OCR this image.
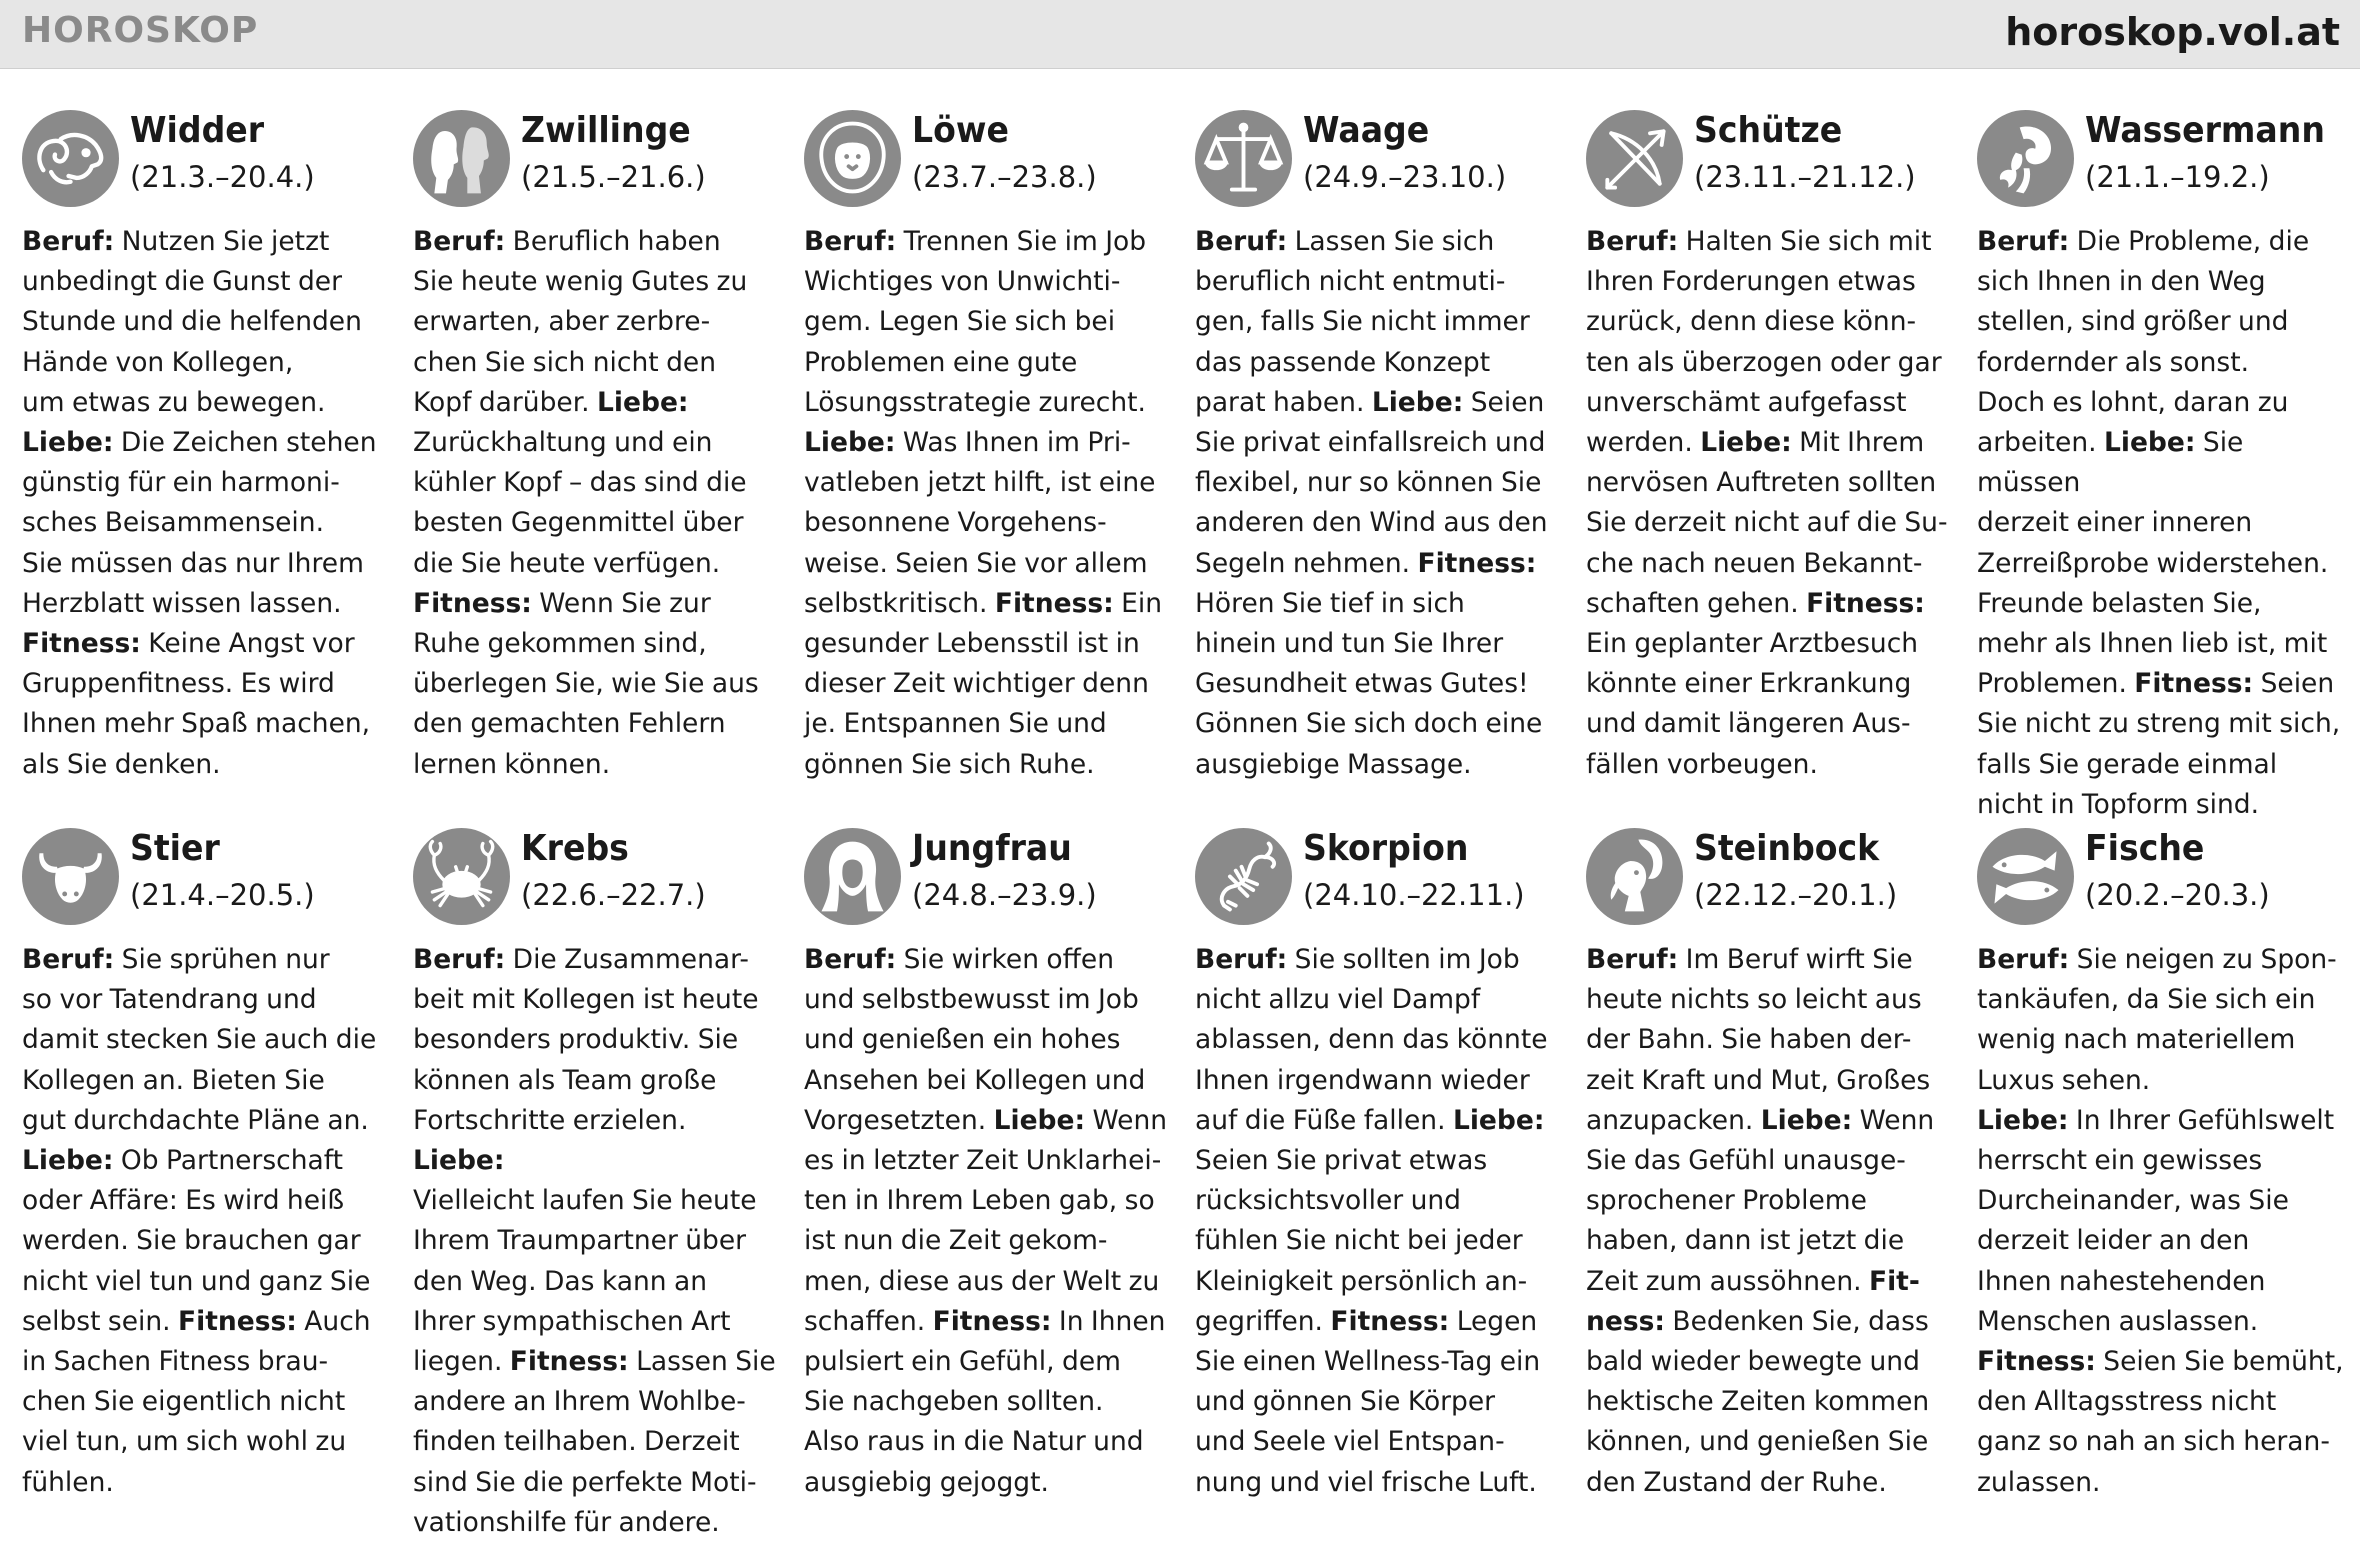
HOROSKOP	horoskop.vol.at
Widder
(21.3.–20.4.)
Beruf: Nutzen Sie jetzt
unbedingt die Gunst der
Stunde und die helfenden
Hände von Kollegen,
um etwas zu bewegen.
Liebe: Die Zeichen stehen
günstig für ein harmoni-
sches Beisammensein.
Sie müssen das nur Ihrem
Herzblatt wissen lassen.
Fitness: Keine Angst vor
Gruppenfitness. Es wird
Ihnen mehr Spaß machen,
als Sie denken.
Zwillinge
(21.5.–21.6.)
Beruf: Beruflich haben
Sie heute wenig Gutes zu
erwarten, aber zerbre-
chen Sie sich nicht den
Kopf darüber. Liebe:
Zurückhaltung und ein
kühler Kopf – das sind die
besten Gegenmittel über
die Sie heute verfügen.
Fitness: Wenn Sie zur
Ruhe gekommen sind,
überlegen Sie, wie Sie aus
den gemachten Fehlern
lernen können.
Löwe
(23.7.–23.8.)
Beruf: Trennen Sie im Job
Wichtiges von Unwichti-
gem. Legen Sie sich bei
Problemen eine gute
Lösungsstrategie zurecht.
Liebe: Was Ihnen im Pri-
vatleben jetzt hilft, ist eine
besonnene Vorgehens-
weise. Seien Sie vor allem
selbstkritisch. Fitness: Ein
gesunder Lebensstil ist in
dieser Zeit wichtiger denn
je. Entspannen Sie und
gönnen Sie sich Ruhe.
Waage
(24.9.–23.10.)
Beruf: Lassen Sie sich
beruflich nicht entmuti-
gen, falls Sie nicht immer
das passende Konzept
parat haben. Liebe: Seien
Sie privat einfallsreich und
flexibel, nur so können Sie
anderen den Wind aus den
Segeln nehmen. Fitness:
Hören Sie tief in sich
hinein und tun Sie Ihrer
Gesundheit etwas Gutes!
Gönnen Sie sich doch eine
ausgiebige Massage.
Schütze
(23.11.–21.12.)
Beruf: Halten Sie sich mit
Ihren Forderungen etwas
zurück, denn diese könn-
ten als überzogen oder gar
unverschämt aufgefasst
werden. Liebe: Mit Ihrem
nervösen Auftreten sollten
Sie derzeit nicht auf die Su-
che nach neuen Bekannt-
schaften gehen. Fitness:
Ein geplanter Arztbesuch
könnte einer Erkrankung
und damit längeren Aus-
fällen vorbeugen.
Wassermann
(21.1.–19.2.)
Beruf: Die Probleme, die
sich Ihnen in den Weg
stellen, sind größer und
fordernder als sonst.
Doch es lohnt, daran zu
arbeiten. Liebe: Sie müssen
derzeit einer inneren
Zerreißprobe widerstehen.
Freunde belasten Sie,
mehr als Ihnen lieb ist, mit
Problemen. Fitness: Seien
Sie nicht zu streng mit sich,
falls Sie gerade einmal
nicht in Topform sind.
Stier
(21.4.–20.5.)
Beruf: Sie sprühen nur
so vor Tatendrang und
damit stecken Sie auch die
Kollegen an. Bieten Sie
gut durchdachte Pläne an.
Liebe: Ob Partnerschaft
oder Affäre: Es wird heiß
werden. Sie brauchen gar
nicht viel tun und ganz Sie
selbst sein. Fitness: Auch
in Sachen Fitness brau-
chen Sie eigentlich nicht
viel tun, um sich wohl zu
fühlen.
Krebs
(22.6.–22.7.)
Beruf: Die Zusammenar-
beit mit Kollegen ist heute
besonders produktiv. Sie
können als Team große
Fortschritte erzielen. Liebe:
Vielleicht laufen Sie heute
Ihrem Traumpartner über
den Weg. Das kann an
Ihrer sympathischen Art
liegen. Fitness: Lassen Sie
andere an Ihrem Wohlbe-
finden teilhaben. Derzeit
sind Sie die perfekte Moti-
vationshilfe für andere.
Jungfrau
(24.8.–23.9.)
Beruf: Sie wirken offen
und selbstbewusst im Job
und genießen ein hohes
Ansehen bei Kollegen und
Vorgesetzten. Liebe: Wenn
es in letzter Zeit Unklarhei-
ten in Ihrem Leben gab, so
ist nun die Zeit gekom-
men, diese aus der Welt zu
schaffen. Fitness: In Ihnen
pulsiert ein Gefühl, dem
Sie nachgeben sollten.
Also raus in die Natur und
ausgiebig gejoggt.
Skorpion
(24.10.–22.11.)
Beruf: Sie sollten im Job
nicht allzu viel Dampf
ablassen, denn das könnte
Ihnen irgendwann wieder
auf die Füße fallen. Liebe:
Seien Sie privat etwas
rücksichtsvoller und
fühlen Sie nicht bei jeder
Kleinigkeit persönlich an-
gegriffen. Fitness: Legen
Sie einen Wellness-Tag ein
und gönnen Sie Körper
und Seele viel Entspan-
nung und viel frische Luft.
Steinbock
(22.12.–20.1.)
Beruf: Im Beruf wirft Sie
heute nichts so leicht aus
der Bahn. Sie haben der-
zeit Kraft und Mut, Großes
anzupacken. Liebe: Wenn
Sie das Gefühl unausge-
sprochener Probleme
haben, dann ist jetzt die
Zeit zum aussöhnen. Fit-
ness: Bedenken Sie, dass
bald wieder bewegte und
hektische Zeiten kommen
können, und genießen Sie
den Zustand der Ruhe.
Fische
(20.2.–20.3.)
Beruf: Sie neigen zu Spon-
tankäufen, da Sie sich ein
wenig nach materiellem
Luxus sehen.
Liebe: In Ihrer Gefühlswelt
herrscht ein gewisses
Durcheinander, was Sie
derzeit leider an den
Ihnen nahestehenden
Menschen auslassen.
Fitness: Seien Sie bemüht,
den Alltagsstress nicht
ganz so nah an sich heran-
zulassen.
